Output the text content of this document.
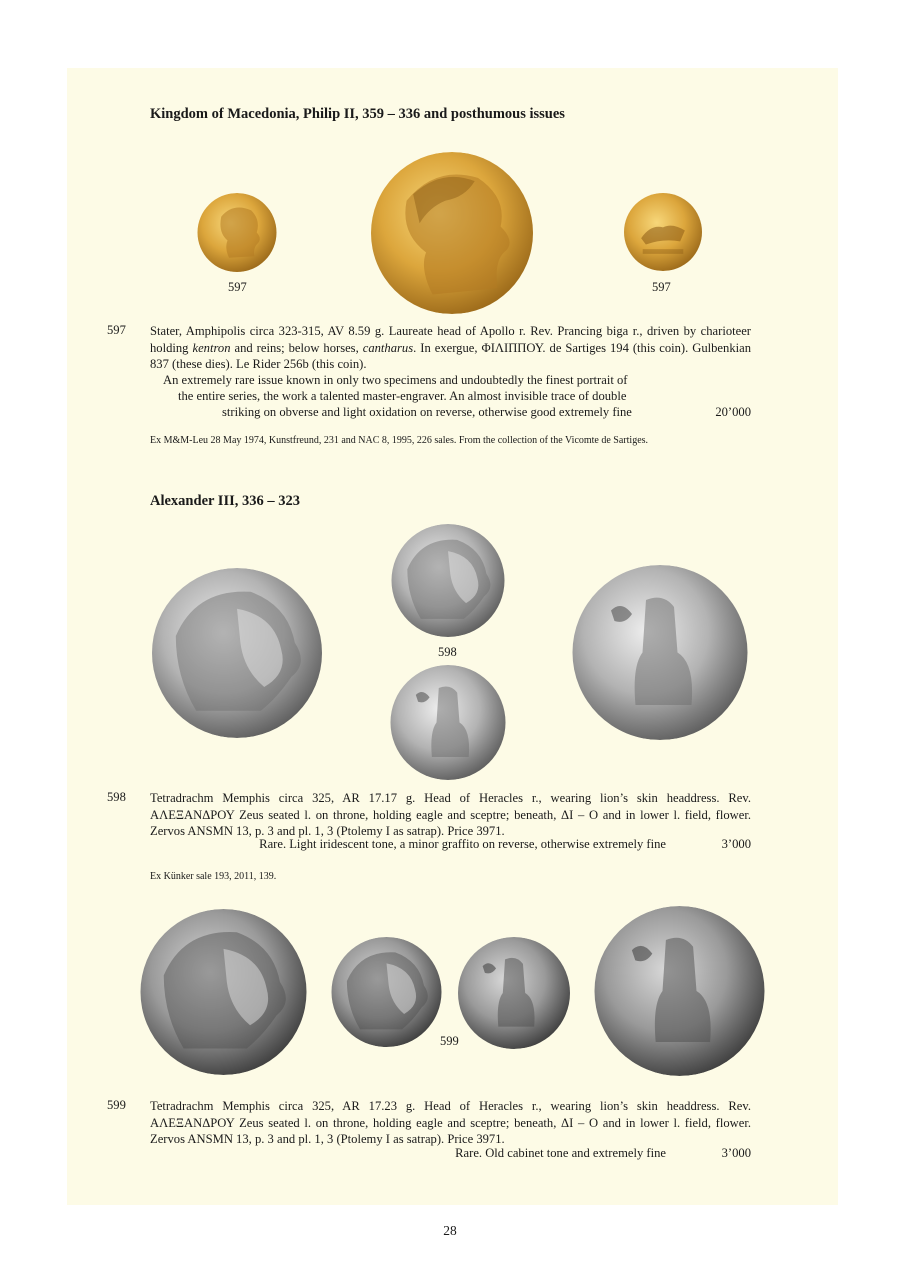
Kingdom of Macedonia, Philip II, 359 – 336 and posthumous issues
597	597
597 Stater, Amphipolis circa 323-315, AV 8.59 g. Laureate head of Apollo r. Rev. Prancing biga r., driven by charioteer holding kentron and reins; below horses, cantharus. In exergue, ΦΙΛΙΠΠΟΥ. de Sartiges 194 (this coin). Gulbenkian 837 (these dies). Le Rider 256b (this coin).

An extremely rare issue known in only two specimens and undoubtedly the finest portrait of
the entire series, the work a talented master-engraver. An almost invisible trace of double
striking on obverse and light oxidation on reverse, otherwise good extremely fine	20’000
Ex M&M-Leu 28 May 1974, Kunstfreund, 231 and NAC 8, 1995, 226 sales. From the collection of the Vicomte de Sartiges.
Alexander III, 336 – 323
598
598 Tetradrachm Memphis circa 325, AR 17.17 g. Head of Heracles r., wearing lion’s skin headdress. Rev. ΑΛΕΞΑΝΔΡΟΥ Zeus seated l. on throne, holding eagle and sceptre; beneath, ΔΙ – Ο and in lower l. field, flower. Zervos ANSMN 13, p. 3 and pl. 1, 3 (Ptolemy I as satrap). Price 3971.
Rare. Light iridescent tone, a minor graffito on reverse, otherwise extremely fine	3’000
Ex Künker sale 193, 2011, 139.
599
599 Tetradrachm Memphis circa 325, AR 17.23 g. Head of Heracles r., wearing lion’s skin headdress. Rev. ΑΛΕΞΑΝΔΡΟΥ Zeus seated l. on throne, holding eagle and sceptre; beneath, ΔΙ – Ο and in lower l. field, flower. Zervos ANSMN 13, p. 3 and pl. 1, 3 (Ptolemy I as satrap). Price 3971.
Rare. Old cabinet tone and extremely fine	3’000
28
